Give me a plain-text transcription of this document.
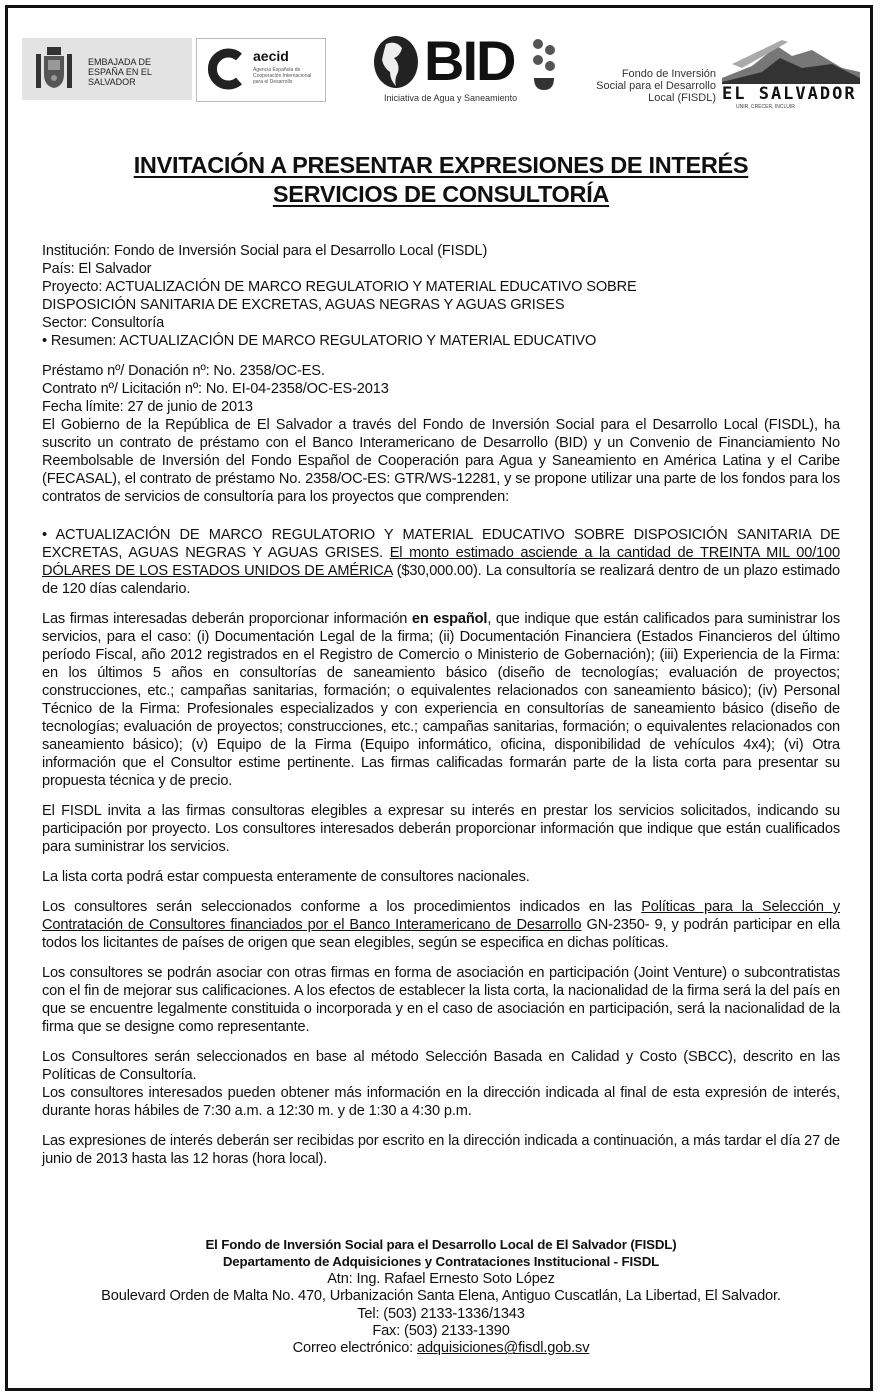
EMBAJADA DE ESPAÑA EN EL SALVADOR
aecid
Agencia Española de Cooperación Internacional para el Desarrollo	BID
Iniciativa de Agua y Saneamiento
Fondo de Inversión Social para el Desarrollo Local (FISDL) EL SALVADOR
UNIR, CRECER, INCLUIR
INVITACIÓN A PRESENTAR EXPRESIONES DE INTERÉS
SERVICIOS DE CONSULTORÍA

Institución: Fondo de Inversión Social para el Desarrollo Local (FISDL)

País: El Salvador

Proyecto: ACTUALIZACIÓN DE MARCO REGULATORIO Y MATERIAL EDUCATIVO SOBRE

DISPOSICIÓN SANITARIA DE EXCRETAS, AGUAS NEGRAS Y AGUAS GRISES

Sector: Consultoría

• Resumen: ACTUALIZACIÓN DE MARCO REGULATORIO Y MATERIAL EDUCATIVO

Préstamo nº/ Donación nº: No. 2358/OC-ES.

Contrato nº/ Licitación nº: No. EI-04-2358/OC-ES-2013

Fecha límite: 27 de junio de 2013

El Gobierno de la República de El Salvador a través del Fondo de Inversión Social para el Desarrollo Local (FISDL), ha suscrito un contrato de préstamo con el Banco Interamericano de Desarrollo (BID) y un Convenio de Financiamiento No Reembolsable de Inversión del Fondo Español de Cooperación para Agua y Saneamiento en América Latina y el Caribe (FECASAL), el contrato de préstamo No. 2358/OC-ES: GTR/WS-12281, y se propone utilizar una parte de los fondos para los contratos de servicios de consultoría para los proyectos que comprenden:

• ACTUALIZACIÓN DE MARCO REGULATORIO Y MATERIAL EDUCATIVO SOBRE DISPOSICIÓN SANITARIA DE EXCRETAS, AGUAS NEGRAS Y AGUAS GRISES. El monto estimado asciende a la cantidad de TREINTA MIL 00/100 DÓLARES DE LOS ESTADOS UNIDOS DE AMÉRICA ($30,000.00). La consultoría se realizará dentro de un plazo estimado de 120 días calendario.

Las firmas interesadas deberán proporcionar información en español, que indique que están calificados para suministrar los servicios, para el caso: (i) Documentación Legal de la firma; (ii) Documentación Financiera (Estados Financieros del último período Fiscal, año 2012 registrados en el Registro de Comercio o Ministerio de Gobernación); (iii) Experiencia de la Firma: en los últimos 5 años en consultorías de saneamiento básico (diseño de tecnologías; evaluación de proyectos; construcciones, etc.; campañas sanitarias, formación; o equivalentes relacionados con saneamiento básico); (iv) Personal Técnico de la Firma: Profesionales especializados y con experiencia en consultorías de saneamiento básico (diseño de tecnologías; evaluación de proyectos; construcciones, etc.; campañas sanitarias, formación; o equivalentes relacionados con saneamiento básico); (v) Equipo de la Firma (Equipo informático, oficina, disponibilidad de vehículos 4x4); (vi) Otra información que el Consultor estime pertinente. Las firmas calificadas formarán parte de la lista corta para presentar su propuesta técnica y de precio.

El FISDL invita a las firmas consultoras elegibles a expresar su interés en prestar los servicios solicitados, indicando su participación por proyecto. Los consultores interesados deberán proporcionar información que indique que están cualificados para suministrar los servicios.

La lista corta podrá estar compuesta enteramente de consultores nacionales.

Los consultores serán seleccionados conforme a los procedimientos indicados en las Políticas para la Selección y Contratación de Consultores financiados por el Banco Interamericano de Desarrollo GN-2350- 9, y podrán participar en ella todos los licitantes de países de origen que sean elegibles, según se especifica en dichas políticas.

Los consultores se podrán asociar con otras firmas en forma de asociación en participación (Joint Venture) o subcontratistas con el fin de mejorar sus calificaciones. A los efectos de establecer la lista corta, la nacionalidad de la firma será la del país en que se encuentre legalmente constituida o incorporada y en el caso de asociación en participación, será la nacionalidad de la firma que se designe como representante.

Los Consultores serán seleccionados en base al método Selección Basada en Calidad y Costo (SBCC), descrito en las Políticas de Consultoría.

Los consultores interesados pueden obtener más información en la dirección indicada al final de esta expresión de interés, durante horas hábiles de 7:30 a.m. a 12:30 m. y de 1:30 a 4:30 p.m.

Las expresiones de interés deberán ser recibidas por escrito en la dirección indicada a continuación, a más tardar el día 27 de junio de 2013 hasta las 12 horas (hora local).

El Fondo de Inversión Social para el Desarrollo Local de El Salvador (FISDL)

Departamento de Adquisiciones y Contrataciones Institucional - FISDL

Atn: Ing. Rafael Ernesto Soto López

Boulevard Orden de Malta No. 470, Urbanización Santa Elena, Antiguo Cuscatlán, La Libertad, El Salvador.

Tel: (503) 2133-1336/1343

Fax: (503) 2133-1390

Correo electrónico: adquisiciones@fisdl.gob.sv
